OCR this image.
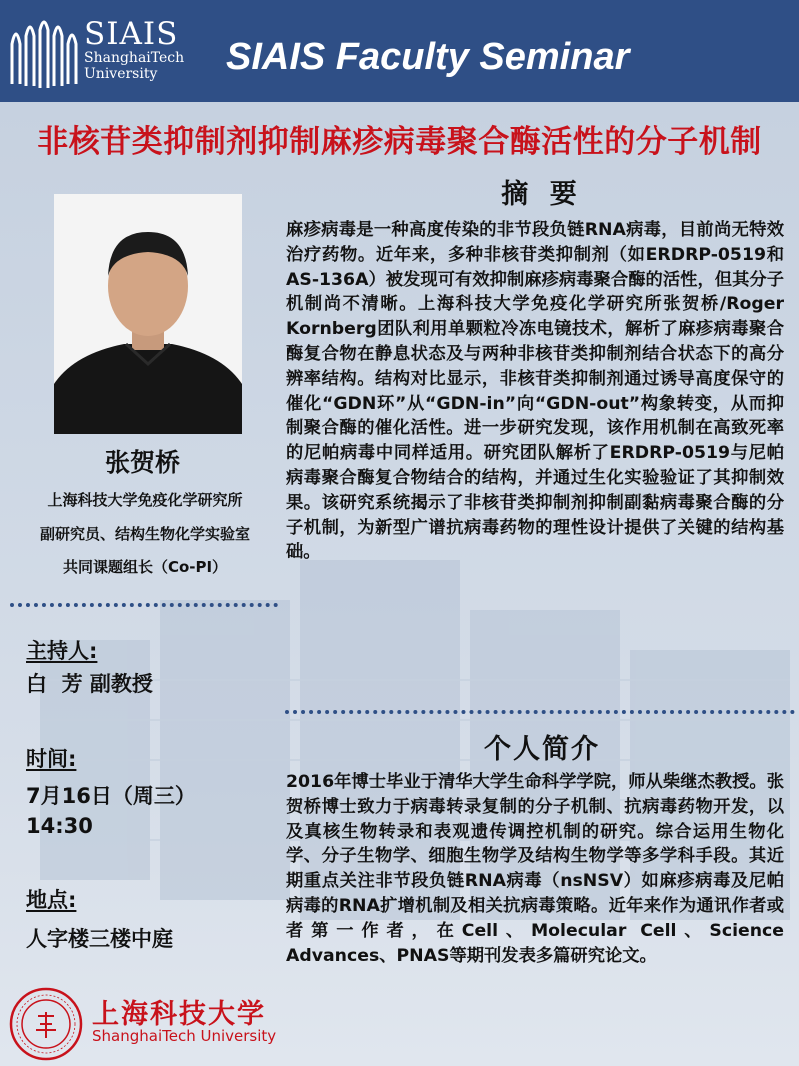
SIAIS
ShanghaiTech
University	SIAIS Faculty Seminar
非核苷类抑制剂抑制麻疹病毒聚合酶活性的分子机制
张贺桥
上海科技大学免疫化学研究所
副研究员、结构生物化学实验室
共同课题组长（Co-PI）
主持人:
白  芳 副教授
时间:
7月16日（周三）
14:30
地点:
人字楼三楼中庭
摘 要
麻疹病毒是一种高度传染的非节段负链RNA病毒，目前尚无特效治疗药物。近年来，多种非核苷类抑制剂（如ERDRP-0519和AS-136A）被发现可有效抑制麻疹病毒聚合酶的活性，但其分子机制尚不清晰。上海科技大学免疫化学研究所张贺桥/Roger Kornberg团队利用单颗粒冷冻电镜技术，解析了麻疹病毒聚合酶复合物在静息状态及与两种非核苷类抑制剂结合状态下的高分辨率结构。结构对比显示，非核苷类抑制剂通过诱导高度保守的催化“GDN环”从“GDN-in”向“GDN-out”构象转变，从而抑制聚合酶的催化活性。进一步研究发现，该作用机制在高致死率的尼帕病毒中同样适用。研究团队解析了ERDRP-0519与尼帕病毒聚合酶复合物结合的结构，并通过生化实验验证了其抑制效果。该研究系统揭示了非核苷类抑制剂抑制副黏病毒聚合酶的分子机制，为新型广谱抗病毒药物的理性设计提供了关键的结构基础。
个人简介
2016年博士毕业于清华大学生命科学学院，师从柴继杰教授。张贺桥博士致力于病毒转录复制的分子机制、抗病毒药物开发，以及真核生物转录和表观遗传调控机制的研究。综合运用生物化学、分子生物学、细胞生物学及结构生物学等多学科手段。其近期重点关注非节段负链RNA病毒（nsNSV）如麻疹病毒及尼帕病毒的RNA扩增机制及相关抗病毒策略。近年来作为通讯作者或者第一作者，在Cell、Molecular Cell、Science Advances、PNAS等期刊发表多篇研究论文。
上海科技大学
ShanghaiTech University
